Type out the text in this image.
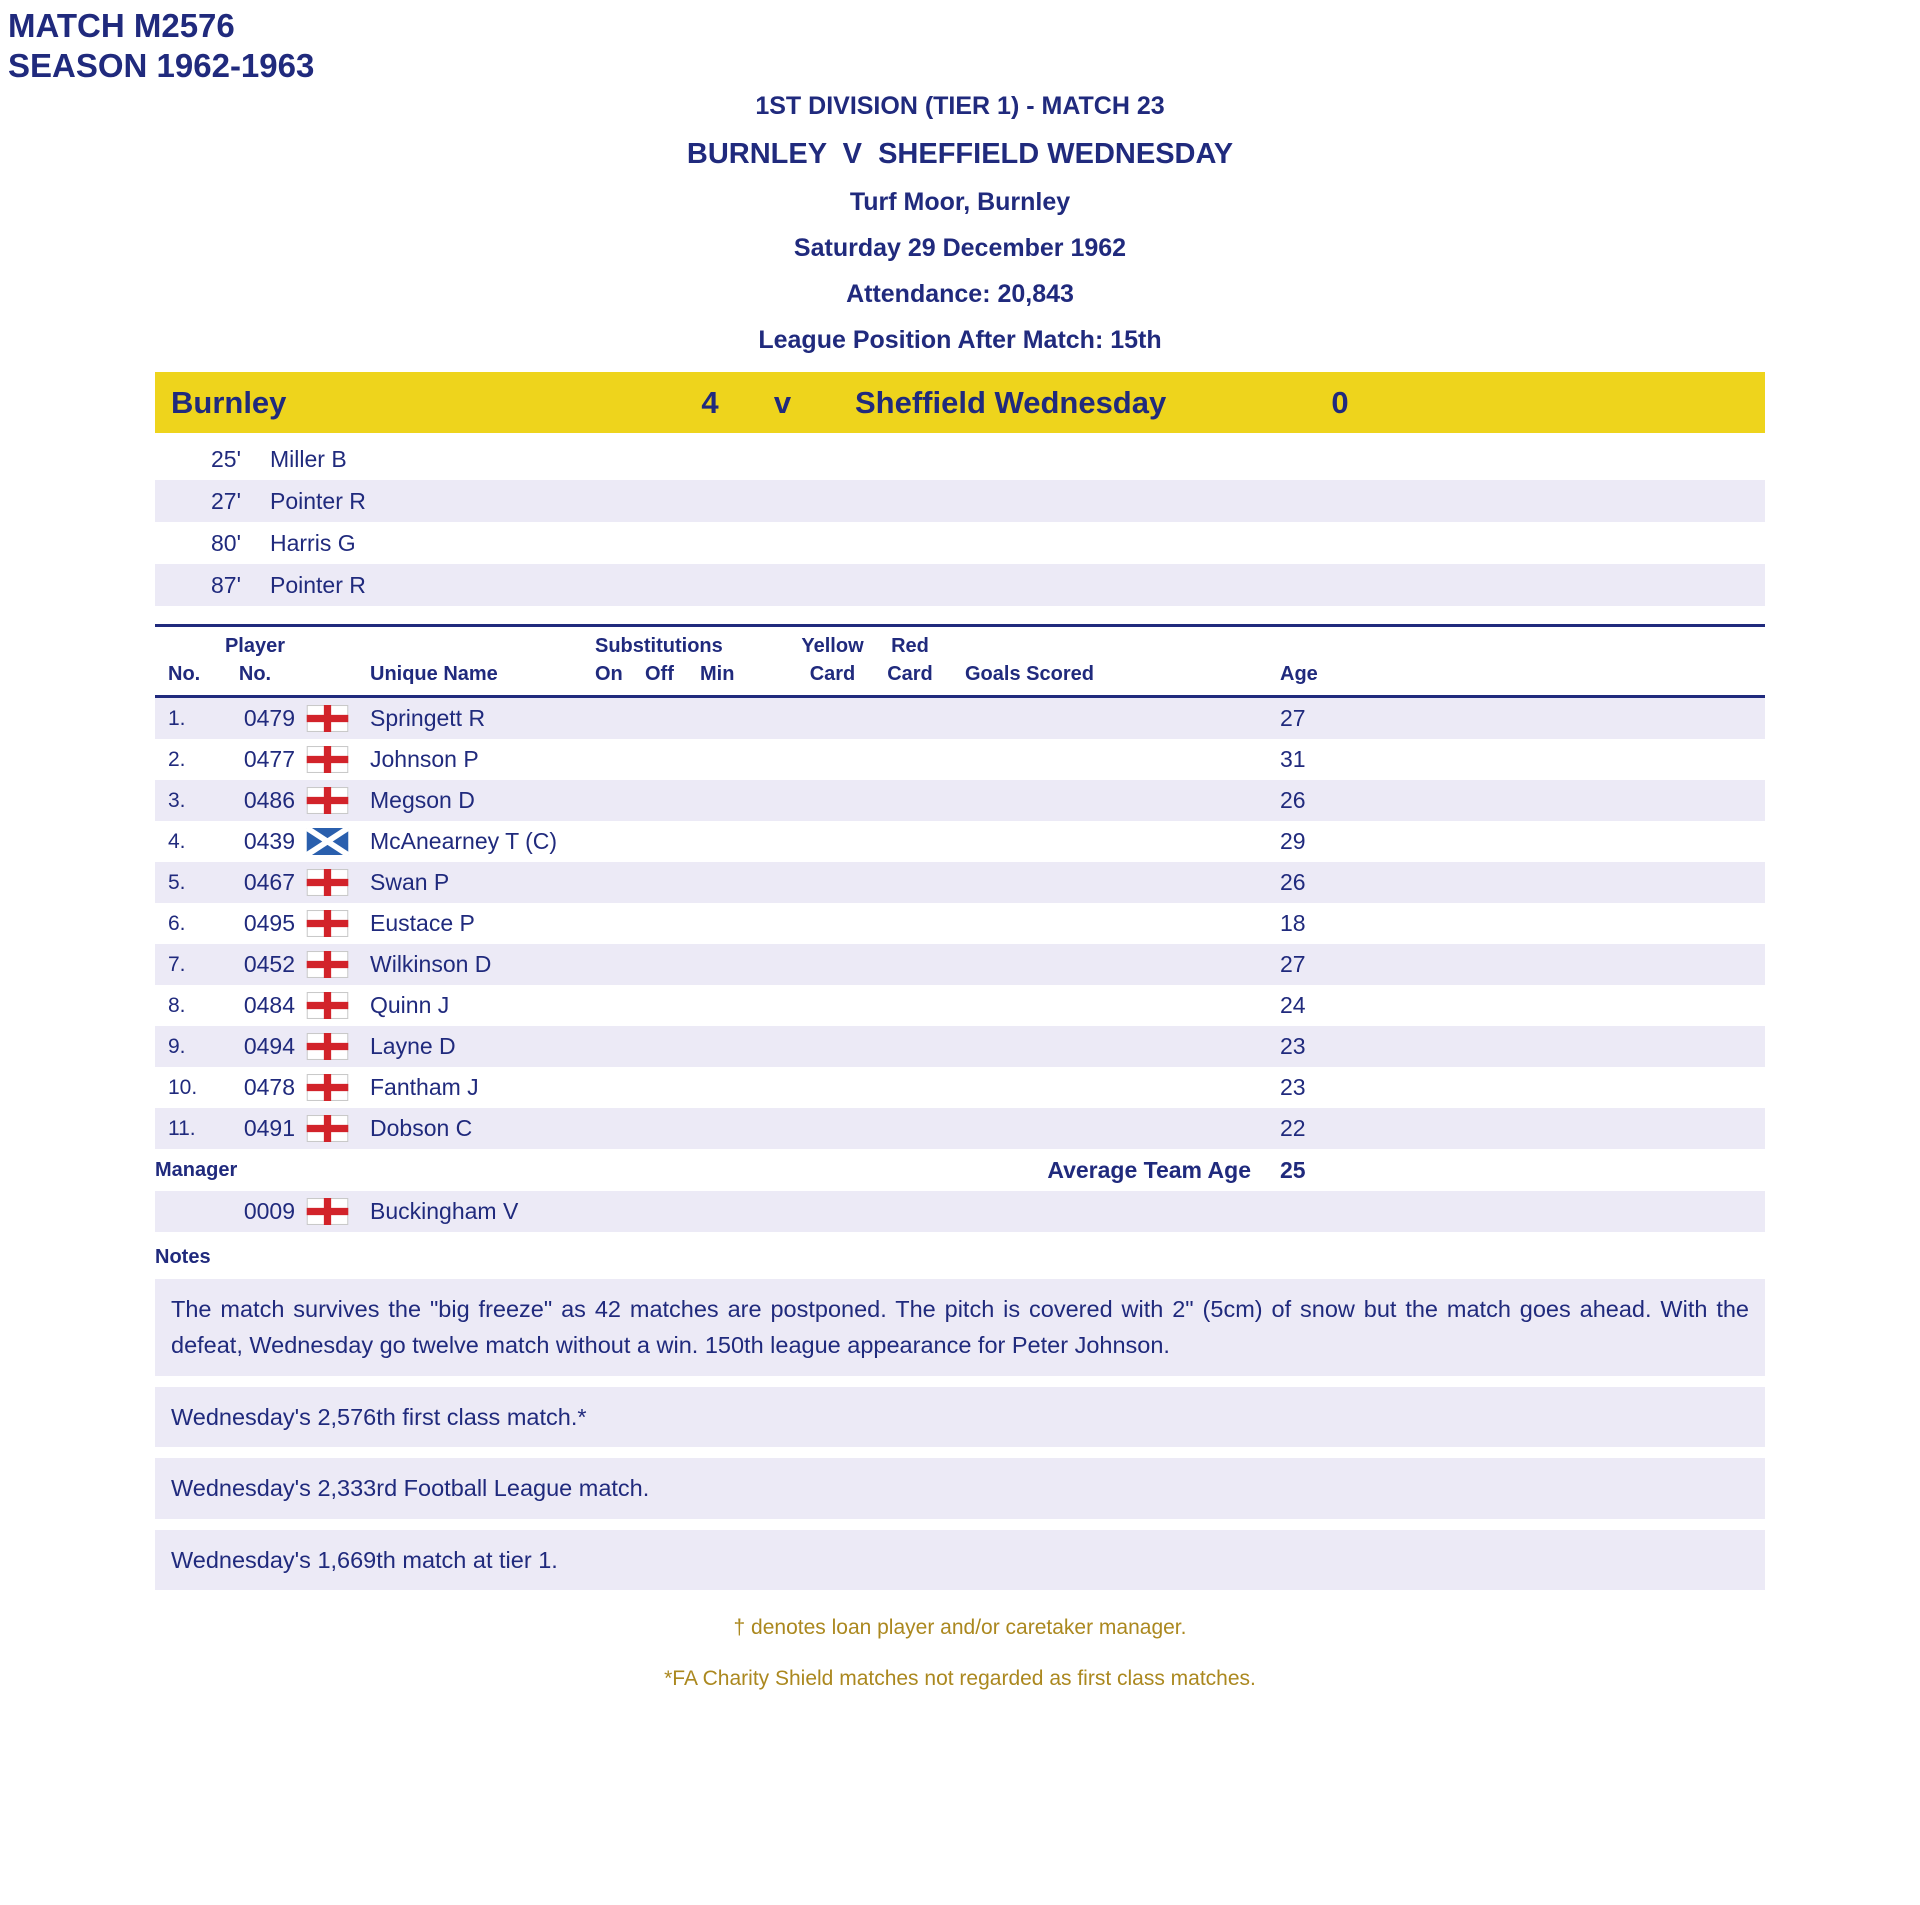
MATCH M2576
SEASON 1962-1963
1ST DIVISION (TIER 1) - MATCH 23
BURNLEY  V  SHEFFIELD WEDNESDAY
Turf Moor, Burnley
Saturday 29 December 1962
Attendance: 20,843
League Position After Match: 15th
Burnley	4	v	Sheffield Wednesday	0
25' Miller B
27' Pointer R
80' Harris G
87' Pointer R
Player	Substitutions	Yellow	Red
No.	No.	Unique Name	On	Off	Min	Card	Card	Goals Scored	Age
1.	0479	Springett R	27
2.	0477	Johnson P	31
3.	0486	Megson D	26
4.	0439	McAnearney T (C)	29
5.	0467	Swan P	26
6.	0495	Eustace P	18
7.	0452	Wilkinson D	27
8.	0484	Quinn J	24
9.	0494	Layne D	23
10.	0478	Fantham J	23
11.	0491	Dobson C	22
Manager	Average Team Age	25
0009	Buckingham V
Notes
The match survives the "big freeze" as 42 matches are postponed. The pitch is covered with 2" (5cm) of snow but the match goes ahead. With the defeat, Wednesday go twelve match without a win. 150th league appearance for Peter Johnson.
Wednesday's 2,576th first class match.*
Wednesday's 2,333rd Football League match.
Wednesday's 1,669th match at tier 1.
† denotes loan player and/or caretaker manager.
*FA Charity Shield matches not regarded as first class matches.
